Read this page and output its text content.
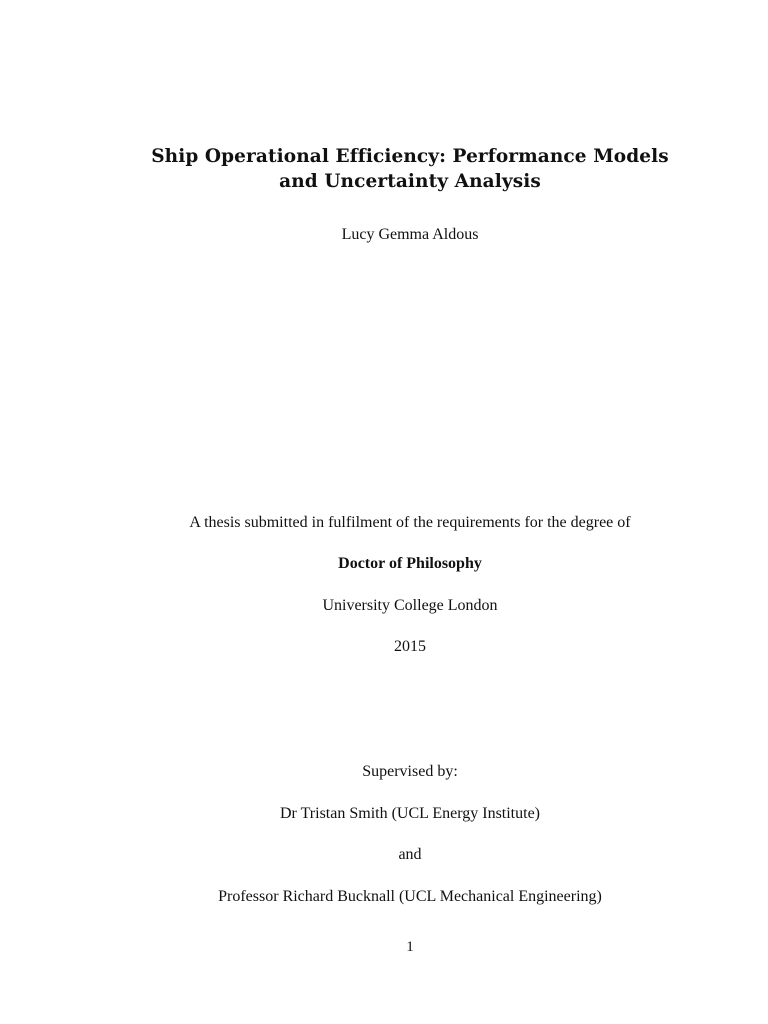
Ship Operational Efficiency: Performance Models
and Uncertainty Analysis
Lucy Gemma Aldous
A thesis submitted in fulfilment of the requirements for the degree of
Doctor of Philosophy
University College London
2015
Supervised by:
Dr Tristan Smith (UCL Energy Institute)
and
Professor Richard Bucknall (UCL Mechanical Engineering)
1
